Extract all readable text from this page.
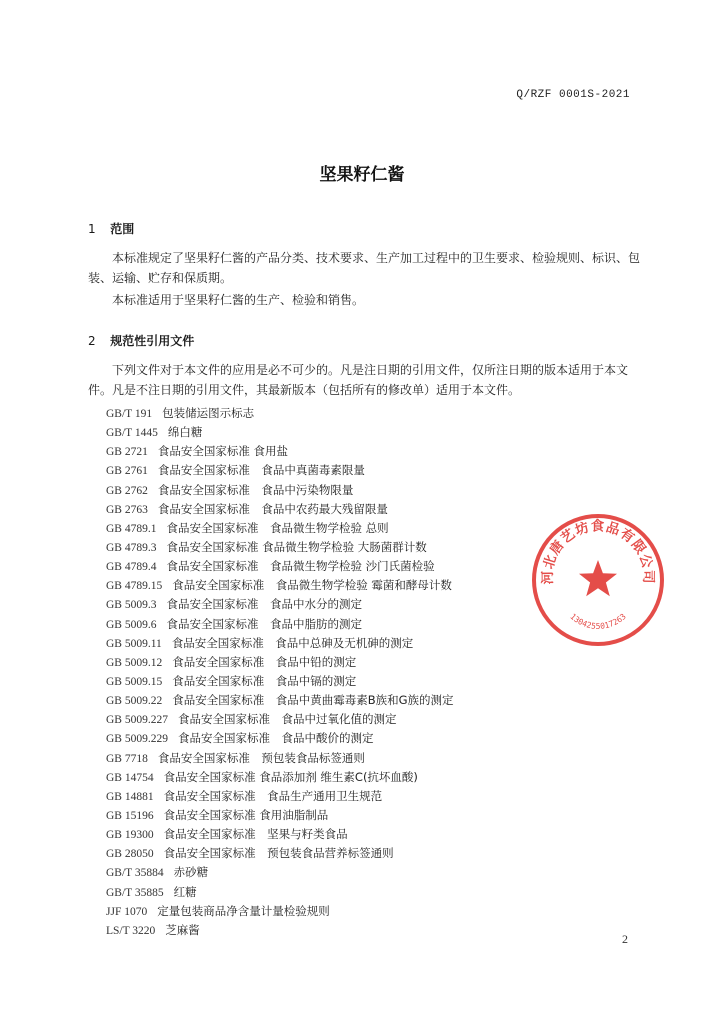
Q/RZF 0001S-2021
坚果籽仁酱
1 范围

本标准规定了坚果籽仁酱的产品分类、技术要求、生产加工过程中的卫生要求、检验规则、标识、包装、运输、贮存和保质期。

本标准适用于坚果籽仁酱的生产、检验和销售。

2 规范性引用文件

下列文件对于本文件的应用是必不可少的。凡是注日期的引用文件，仅所注日期的版本适用于本文件。凡是不注日期的引用文件，其最新版本（包括所有的修改单）适用于本文件。

GB/T 191 包装储运图示标志
GB/T 1445 绵白糖
GB 2721 食品安全国家标准 食用盐
GB 2761 食品安全国家标准　食品中真菌毒素限量
GB 2762 食品安全国家标准　食品中污染物限量
GB 2763 食品安全国家标准　食品中农药最大残留限量
GB 4789.1 食品安全国家标准　食品微生物学检验 总则
GB 4789.3 食品安全国家标准 食品微生物学检验 大肠菌群计数
GB 4789.4 食品安全国家标准　食品微生物学检验 沙门氏菌检验
GB 4789.15 食品安全国家标准　食品微生物学检验 霉菌和酵母计数
GB 5009.3 食品安全国家标准　食品中水分的测定
GB 5009.6 食品安全国家标准　食品中脂肪的测定
GB 5009.11 食品安全国家标准　食品中总砷及无机砷的测定
GB 5009.12 食品安全国家标准　食品中铅的测定
GB 5009.15 食品安全国家标准　食品中镉的测定
GB 5009.22 食品安全国家标准　食品中黄曲霉毒素B族和G族的测定
GB 5009.227 食品安全国家标准　食品中过氧化值的测定
GB 5009.229 食品安全国家标准　食品中酸价的测定
GB 7718 食品安全国家标准　预包装食品标签通则
GB 14754 食品安全国家标准 食品添加剂 维生素C(抗坏血酸)
GB 14881 食品安全国家标准　食品生产通用卫生规范
GB 15196 食品安全国家标准 食用油脂制品
GB 19300 食品安全国家标准　坚果与籽类食品
GB 28050 食品安全国家标准　预包装食品营养标签通则
GB/T 35884 赤砂糖
GB/T 35885 红糖
JJF 1070 定量包装商品净含量计量检验规则
LS/T 3220 芝麻酱
河北唐艺坊食品有限公司
1304255017263
2
